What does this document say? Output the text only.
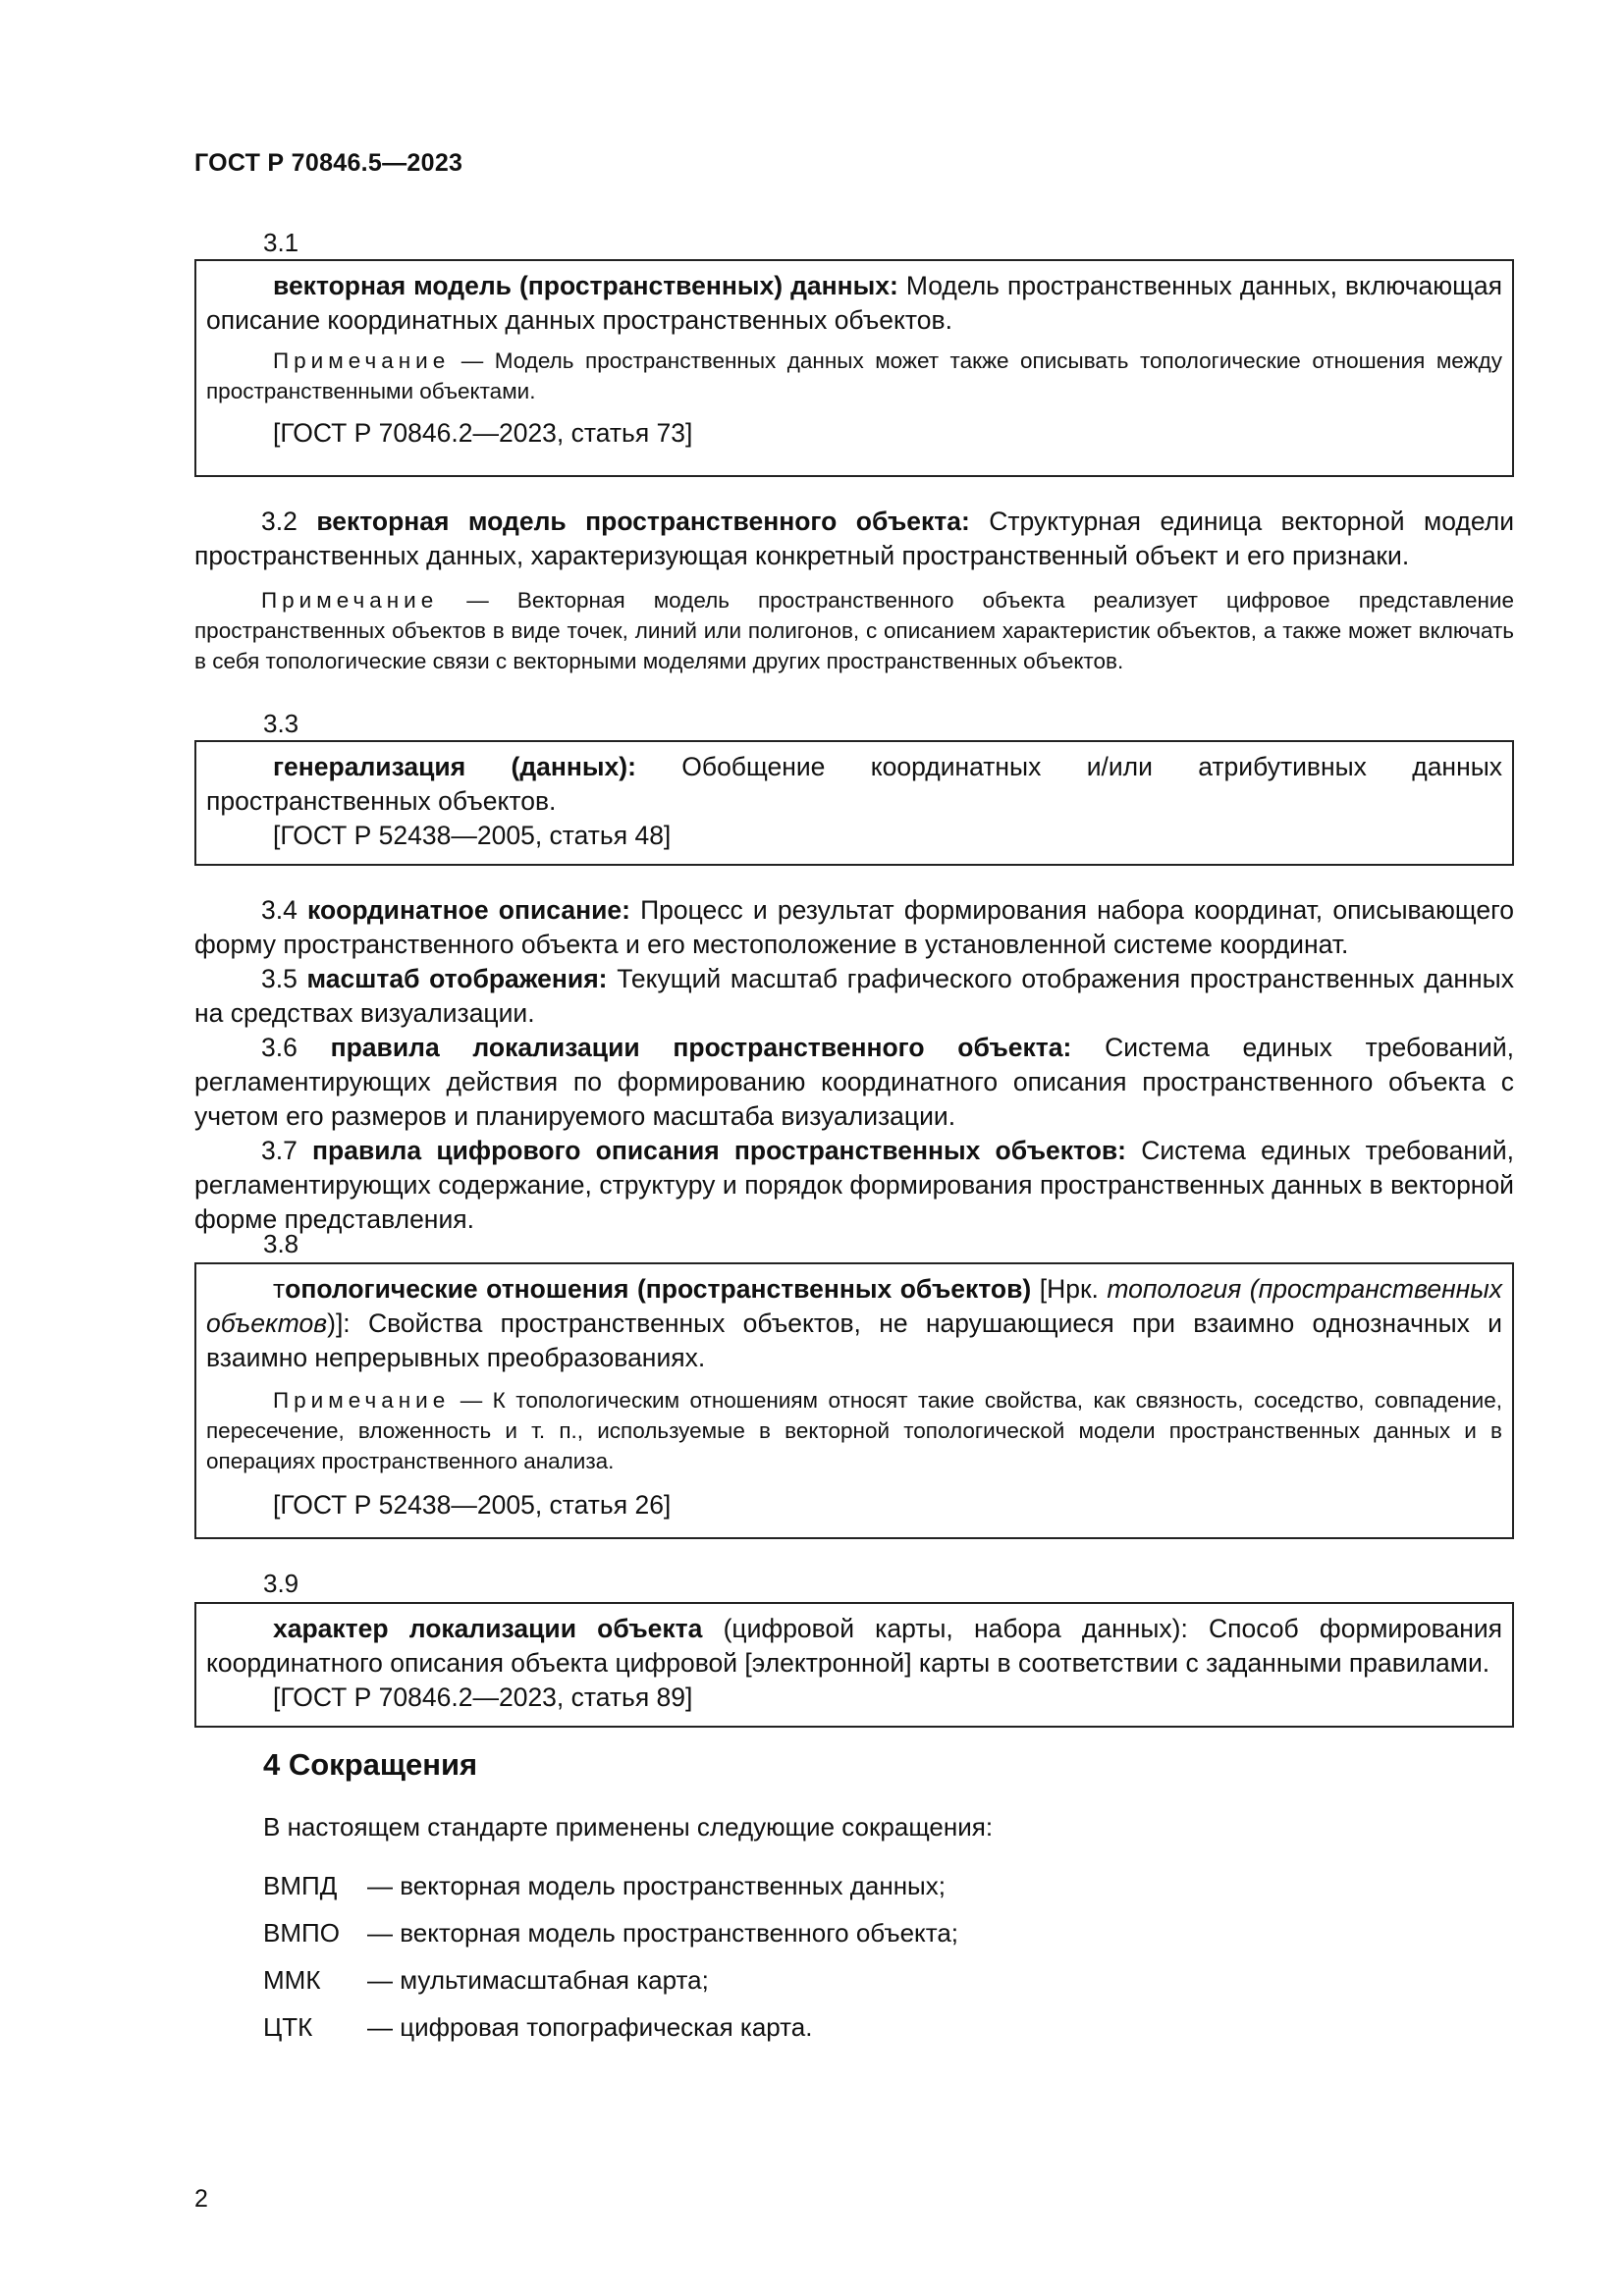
ГОСТ Р 70846.5—2023
3.1

векторная модель (пространственных) данных: Модель пространственных данных, включающая описание координатных данных пространственных объектов.

Примечание — Модель пространственных данных может также описывать топологические отношения между пространственными объектами.

[ГОСТ Р 70846.2—2023, статья 73]

3.2 векторная модель пространственного объекта: Структурная единица векторной модели пространственных данных, характеризующая конкретный пространственный объект и его признаки.

Примечание — Векторная модель пространственного объекта реализует цифровое представление пространственных объектов в виде точек, линий или полигонов, с описанием характеристик объектов, а также может включать в себя топологические связи с векторными моделями других пространственных объектов.

3.3

генерализация (данных): Обобщение координатных и/или атрибутивных данных пространственных объектов.

[ГОСТ Р 52438—2005, статья 48]

3.4 координатное описание: Процесс и результат формирования набора координат, описывающего форму пространственного объекта и его местоположение в установленной системе координат.

3.5 масштаб отображения: Текущий масштаб графического отображения пространственных данных на средствах визуализации.

3.6 правила локализации пространственного объекта: Система единых требований, регламентирующих действия по формированию координатного описания пространственного объекта с учетом его размеров и планируемого масштаба визуализации.

3.7 правила цифрового описания пространственных объектов: Система единых требований, регламентирующих содержание, структуру и порядок формирования пространственных данных в векторной форме представления.

3.8

топологические отношения (пространственных объектов) [Нрк. топология (пространственных объектов)]: Свойства пространственных объектов, не нарушающиеся при взаимно однозначных и взаимно непрерывных преобразованиях.

Примечание — К топологическим отношениям относят такие свойства, как связность, соседство, совпадение, пересечение, вложенность и т. п., используемые в векторной топологической модели пространственных данных и в операциях пространственного анализа.

[ГОСТ Р 52438—2005, статья 26]

3.9

характер локализации объекта (цифровой карты, набора данных): Способ формирования координатного описания объекта цифровой [электронной] карты в соответствии с заданными правилами.

[ГОСТ Р 70846.2—2023, статья 89]

4 Сокращения
В настоящем стандарте применены следующие сокращения:
ВМПД	— векторная модель пространственных данных;
ВМПО	— векторная модель пространственного объекта;
ММК	— мультимасштабная карта;
ЦТК	— цифровая топографическая карта.
2
